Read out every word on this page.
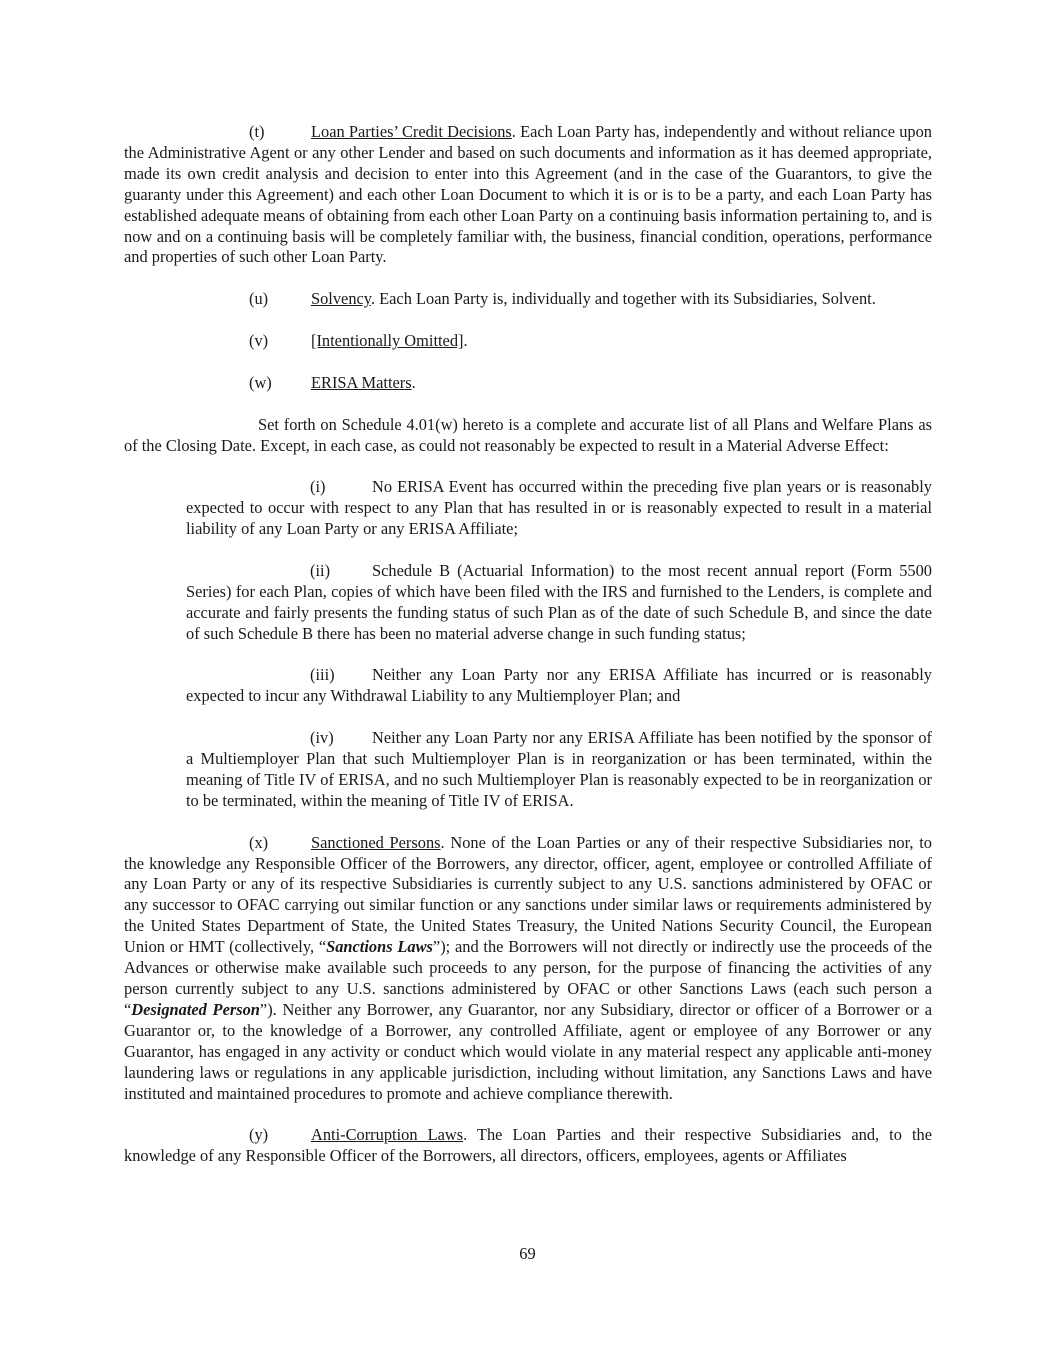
(t)	Loan Parties’ Credit Decisions. Each Loan Party has, independently and without reliance upon the Administrative Agent or any other Lender and based on such documents and information as it has deemed appropriate, made its own credit analysis and decision to enter into this Agreement (and in the case of the Guarantors, to give the guaranty under this Agreement) and each other Loan Document to which it is or is to be a party, and each Loan Party has established adequate means of obtaining from each other Loan Party on a continuing basis information pertaining to, and is now and on a continuing basis will be completely familiar with, the business, financial condition, operations, performance and properties of such other Loan Party.

(u)	Solvency. Each Loan Party is, individually and together with its Subsidiaries, Solvent.

(v)	[Intentionally Omitted].

(w) ERISA Matters.

Set forth on Schedule 4.01(w) hereto is a complete and accurate list of all Plans and Welfare Plans as of the Closing Date. Except, in each case, as could not reasonably be expected to result in a Material Adverse Effect:

(i)	No ERISA Event has occurred within the preceding five plan years or is reasonably expected to occur with respect to any Plan that has resulted in or is reasonably expected to result in a material liability of any Loan Party or any ERISA Affiliate;

(ii)	Schedule B (Actuarial Information) to the most recent annual report (Form 5500 Series) for each Plan, copies of which have been filed with the IRS and furnished to the Lenders, is complete and accurate and fairly presents the funding status of such Plan as of the date of such Schedule B, and since the date of such Schedule B there has been no material adverse change in such funding status;

(iii) Neither any Loan Party nor any ERISA Affiliate has incurred or is reasonably expected to incur any Withdrawal Liability to any Multiemployer Plan; and

(iv) Neither any Loan Party nor any ERISA Affiliate has been notified by the sponsor of a Multiemployer Plan that such Multiemployer Plan is in reorganization or has been terminated, within the meaning of Title IV of ERISA, and no such Multiemployer Plan is reasonably expected to be in reorganization or to be terminated, within the meaning of Title IV of ERISA.

(x)	Sanctioned Persons. None of the Loan Parties or any of their respective Subsidiaries nor, to the knowledge any Responsible Officer of the Borrowers, any director, officer, agent, employee or controlled Affiliate of any Loan Party or any of its respective Subsidiaries is currently subject to any U.S. sanctions administered by OFAC or any successor to OFAC carrying out similar function or any sanctions under similar laws or requirements administered by the United States Department of State, the United States Treasury, the United Nations Security Council, the European Union or HMT (collectively, “Sanctions Laws”); and the Borrowers will not directly or indirectly use the proceeds of the Advances or otherwise make available such proceeds to any person, for the purpose of financing the activities of any person currently subject to any U.S. sanctions administered by OFAC or other Sanctions Laws (each such person a “Designated Person”). Neither any Borrower, any Guarantor, nor any Subsidiary, director or officer of a Borrower or a Guarantor or, to the knowledge of a Borrower, any controlled Affiliate, agent or employee of any Borrower or any Guarantor, has engaged in any activity or conduct which would violate in any material respect any applicable anti-money laundering laws or regulations in any applicable jurisdiction, including without limitation, any Sanctions Laws and have instituted and maintained procedures to promote and achieve compliance therewith.

(y)	Anti-Corruption Laws. The Loan Parties and their respective Subsidiaries and, to the knowledge of any Responsible Officer of the Borrowers, all directors, officers, employees, agents or Affiliates

69
